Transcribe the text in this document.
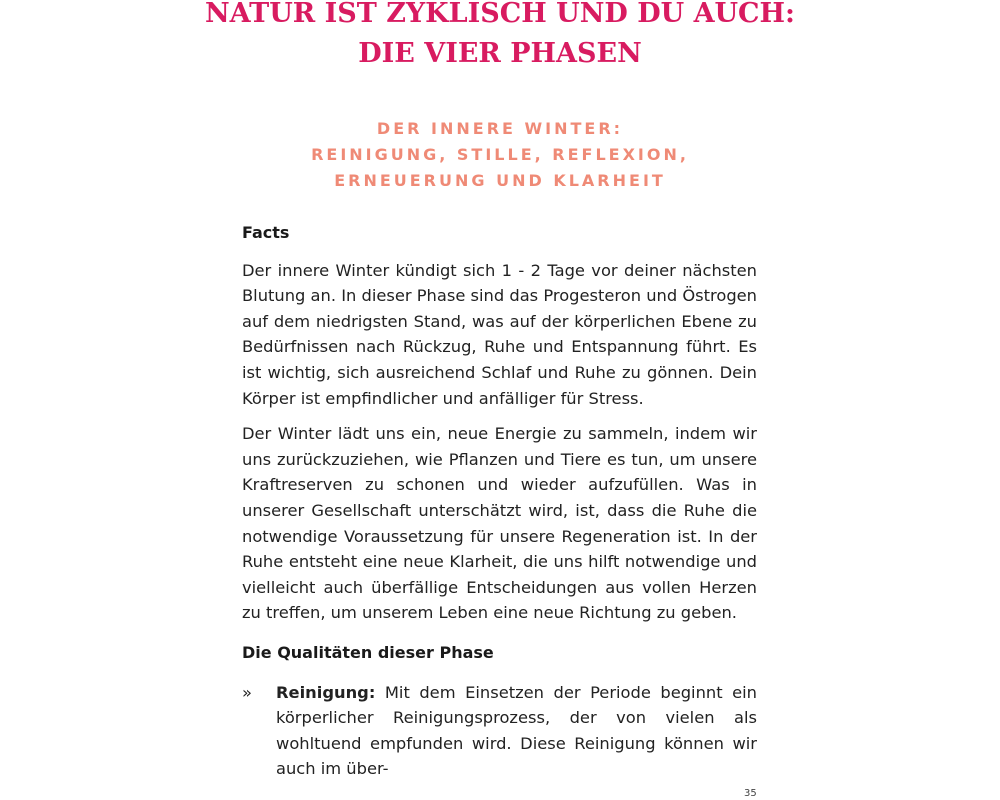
NATUR IST ZYKLISCH UND DU AUCH:
DIE VIER PHASEN
DER INNERE WINTER:
REINIGUNG, STILLE, REFLEXION,
ERNEUERUNG UND KLARHEIT
Facts

Der innere Winter kündigt sich 1 - 2 Tage vor deiner nächsten Blutung an. In dieser Phase sind das Progesteron und Östrogen auf dem niedrigsten Stand, was auf der körperlichen Ebene zu Bedürfnissen nach Rückzug, Ruhe und Entspannung führt. Es ist wichtig, sich ausreichend Schlaf und Ruhe zu gönnen. Dein Körper ist empfindlicher und anfälliger für Stress.

Der Winter lädt uns ein, neue Energie zu sammeln, indem wir uns zurückzuziehen, wie Pflanzen und Tiere es tun, um unsere Kraftreserven zu schonen und wieder aufzufüllen. Was in unserer Gesellschaft unterschätzt wird, ist, dass die Ruhe die notwendige Voraussetzung für unsere Regeneration ist. In der Ruhe entsteht eine neue Klarheit, die uns hilft notwendige und vielleicht auch überfällige Entscheidungen aus vollen Herzen zu treffen, um unserem Leben eine neue Richtung zu geben.

Die Qualitäten dieser Phase
» Reinigung: Mit dem Einsetzen der Periode beginnt ein körperlicher Reinigungsprozess, der von vielen als wohltuend empfunden wird. Diese Reinigung können wir auch im über-
35
